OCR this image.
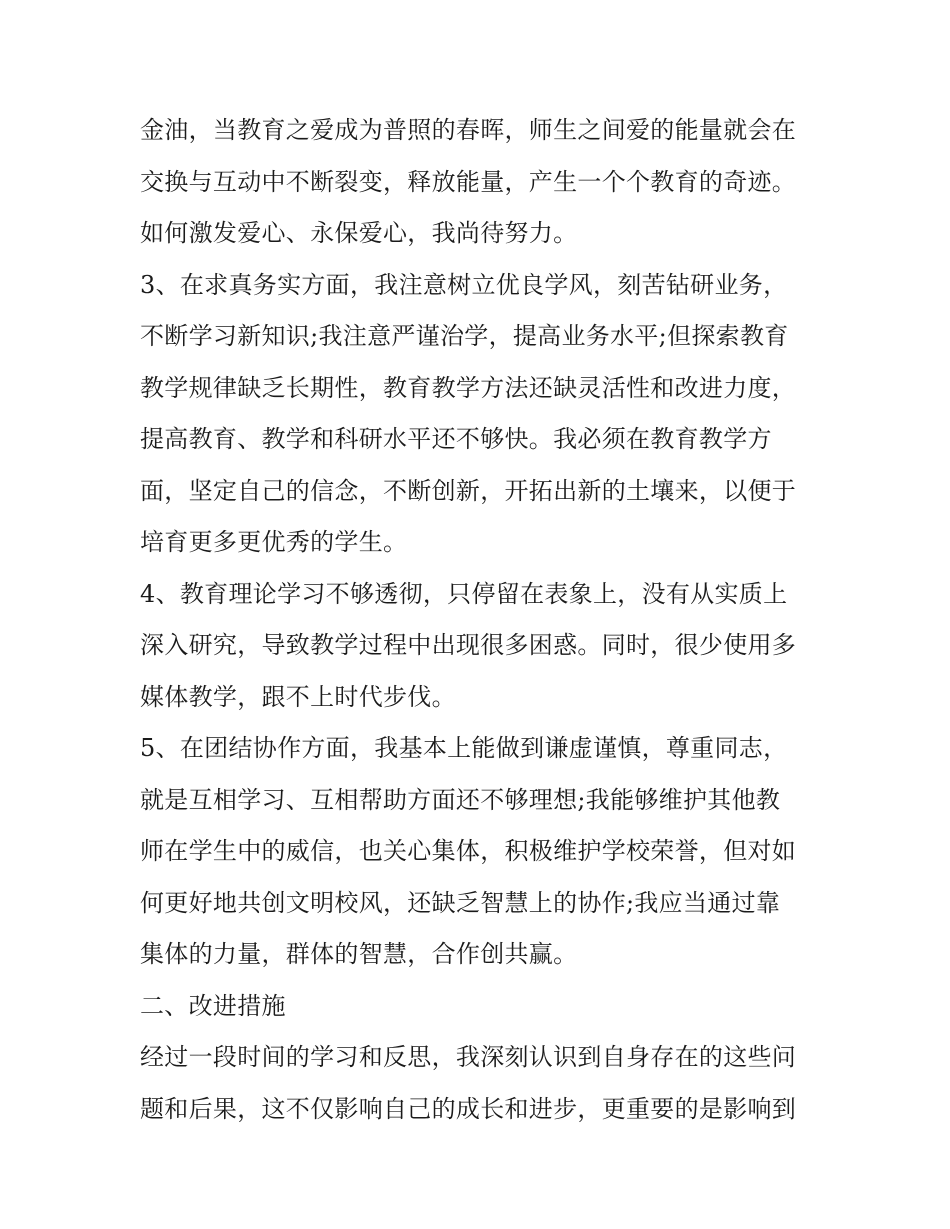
金油，当教育之爱成为普照的春晖，师生之间爱的能量就会在
交换与互动中不断裂变，释放能量，产生一个个教育的奇迹。
如何激发爱心、永保爱心，我尚待努力。
3、在求真务实方面，我注意树立优良学风，刻苦钻研业务，
不断学习新知识;我注意严谨治学，提高业务水平;但探索教育
教学规律缺乏长期性，教育教学方法还缺灵活性和改进力度，
提高教育、教学和科研水平还不够快。我必须在教育教学方
面，坚定自己的信念，不断创新，开拓出新的土壤来，以便于
培育更多更优秀的学生。
4、教育理论学习不够透彻，只停留在表象上，没有从实质上
深入研究，导致教学过程中出现很多困惑。同时，很少使用多
媒体教学，跟不上时代步伐。
5、在团结协作方面，我基本上能做到谦虚谨慎，尊重同志，
就是互相学习、互相帮助方面还不够理想;我能够维护其他教
师在学生中的威信，也关心集体，积极维护学校荣誉，但对如
何更好地共创文明校风，还缺乏智慧上的协作;我应当通过靠
集体的力量，群体的智慧，合作创共赢。
二、改进措施
经过一段时间的学习和反思，我深刻认识到自身存在的这些问
题和后果，这不仅影响自己的成长和进步，更重要的是影响到
